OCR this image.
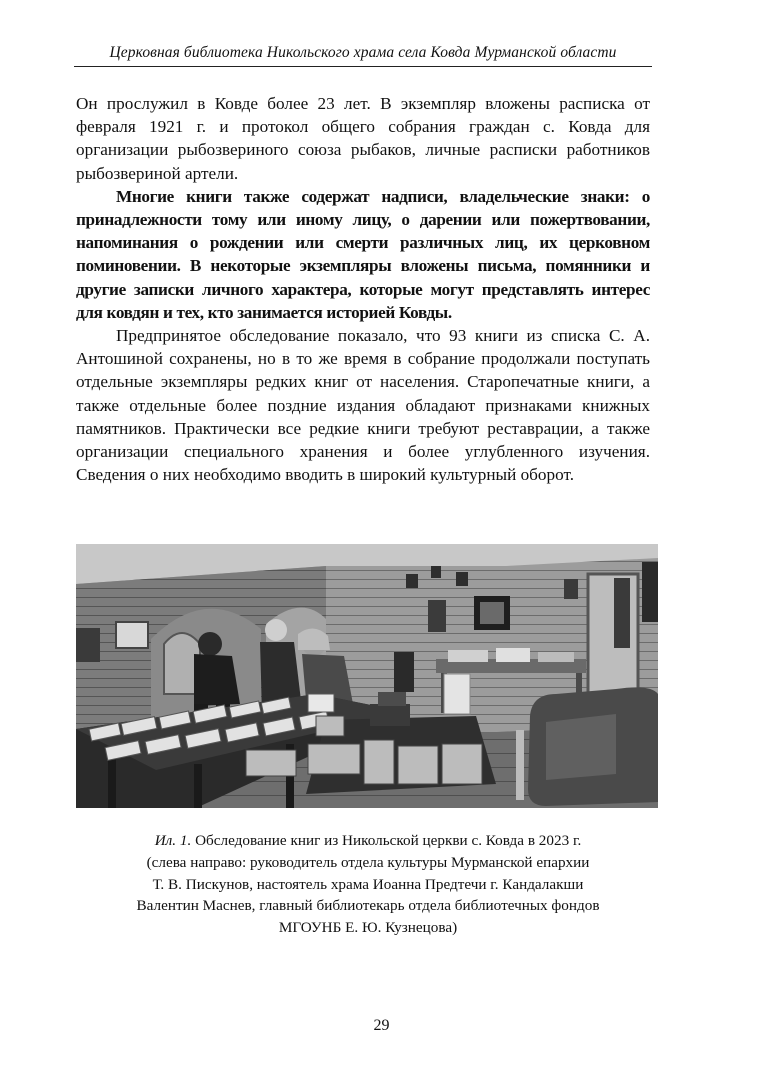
Церковная библиотека Никольского храма села Ковда Мурманской области

Он прослужил в Ковде более 23 лет. В экземпляр вложены расписка от февраля 1921 г. и протокол общего собрания граждан с. Ковда для организации рыбозвериного союза рыбаков, личные расписки работников рыбозвериной артели.

Многие книги также содержат надписи, владельческие знаки: о принадлежности тому или иному лицу, о дарении или пожертвовании, напоминания о рождении или смерти различных лиц, их церковном поминовении. В некоторые экземпляры вложены письма, помянники и другие записки личного характера, которые могут представлять интерес для ковдян и тех, кто занимается историей Ковды.

Предпринятое обследование показало, что 93 книги из списка С. А. Антошиной сохранены, но в то же время в собрание продолжали поступать отдельные экземпляры редких книг от населения. Старопечатные книги, а также отдельные более поздние издания обладают признаками книжных памятников. Практически все редкие книги требуют реставрации, а также организации специального хранения и более углубленного изучения. Сведения о них необходимо вводить в широкий культурный оборот.

Ил. 1. Обследование книг из Никольской церкви с. Ковда в 2023 г.
(слева направо: руководитель отдела культуры Мурманской епархии
Т. В. Пискунов, настоятель храма Иоанна Предтечи г. Кандалакши
Валентин Маснев, главный библиотекарь отдела библиотечных фондов
МГОУНБ Е. Ю. Кузнецова)
29
